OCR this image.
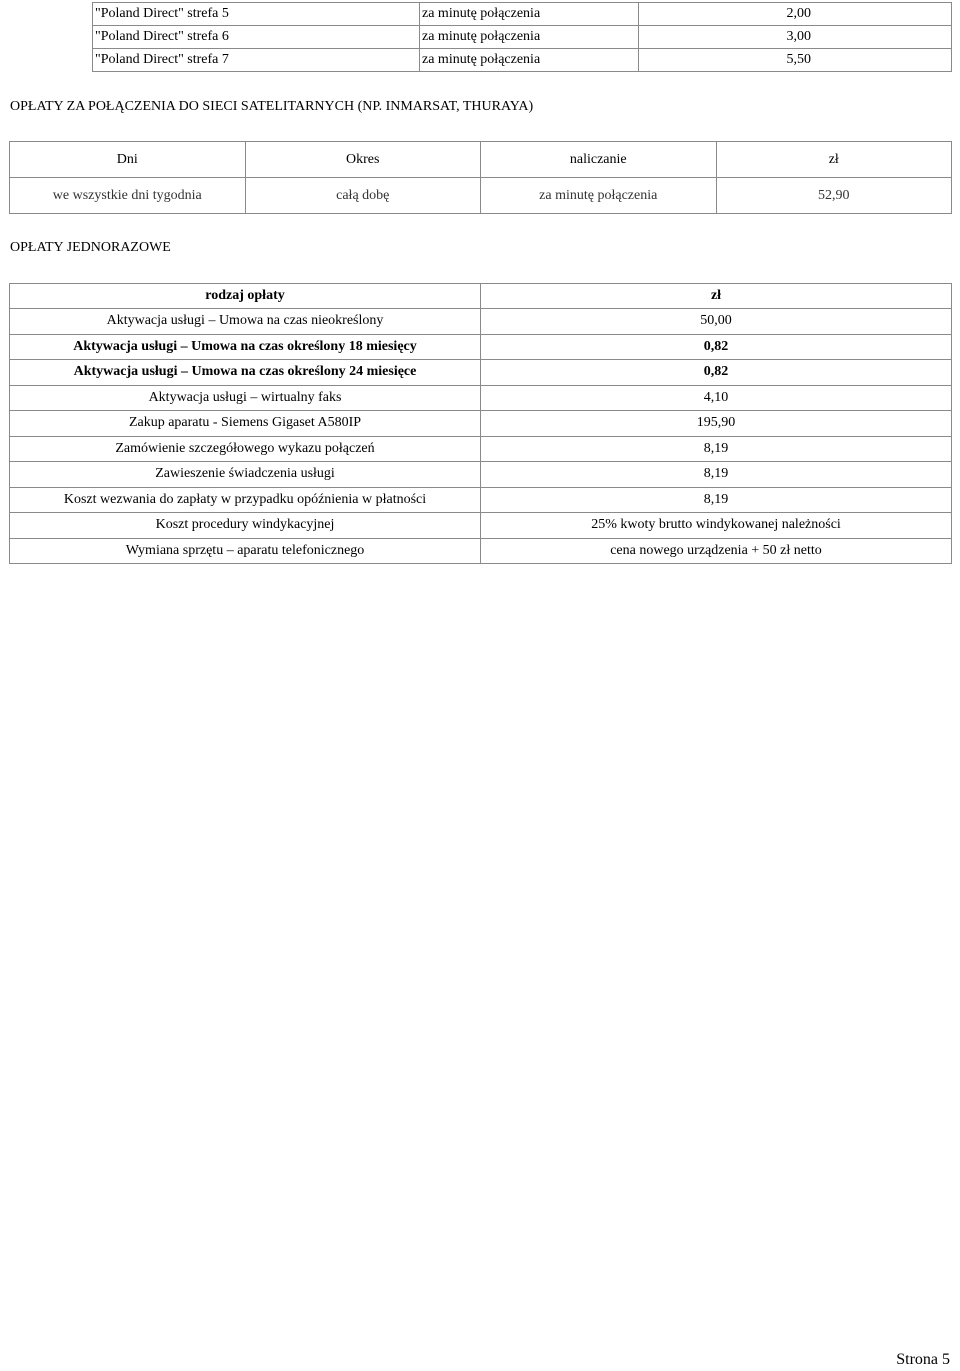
"Poland Direct" strefa 5	za minutę połączenia	2,00
"Poland Direct" strefa 6	za minutę połączenia	3,00
"Poland Direct" strefa 7	za minutę połączenia	5,50
OPŁATY ZA POŁĄCZENIA DO SIECI SATELITARNYCH (NP. INMARSAT, THURAYA)
Dni	Okres	naliczanie	zł
we wszystkie dni tygodnia	całą dobę	za minutę połączenia	52,90
OPŁATY JEDNORAZOWE
rodzaj opłaty	zł
Aktywacja usługi – Umowa na czas nieokreślony	50,00
Aktywacja usługi – Umowa na czas określony 18 miesięcy	0,82
Aktywacja usługi – Umowa na czas określony 24 miesięce	0,82
Aktywacja usługi – wirtualny faks	4,10
Zakup aparatu - Siemens Gigaset A580IP	195,90
Zamówienie szczegółowego wykazu połączeń	8,19
Zawieszenie świadczenia usługi	8,19
Koszt wezwania do zapłaty w przypadku opóźnienia w płatności	8,19
Koszt procedury windykacyjnej	25% kwoty brutto windykowanej należności
Wymiana sprzętu – aparatu telefonicznego	cena nowego urządzenia + 50 zł netto
Strona 5
